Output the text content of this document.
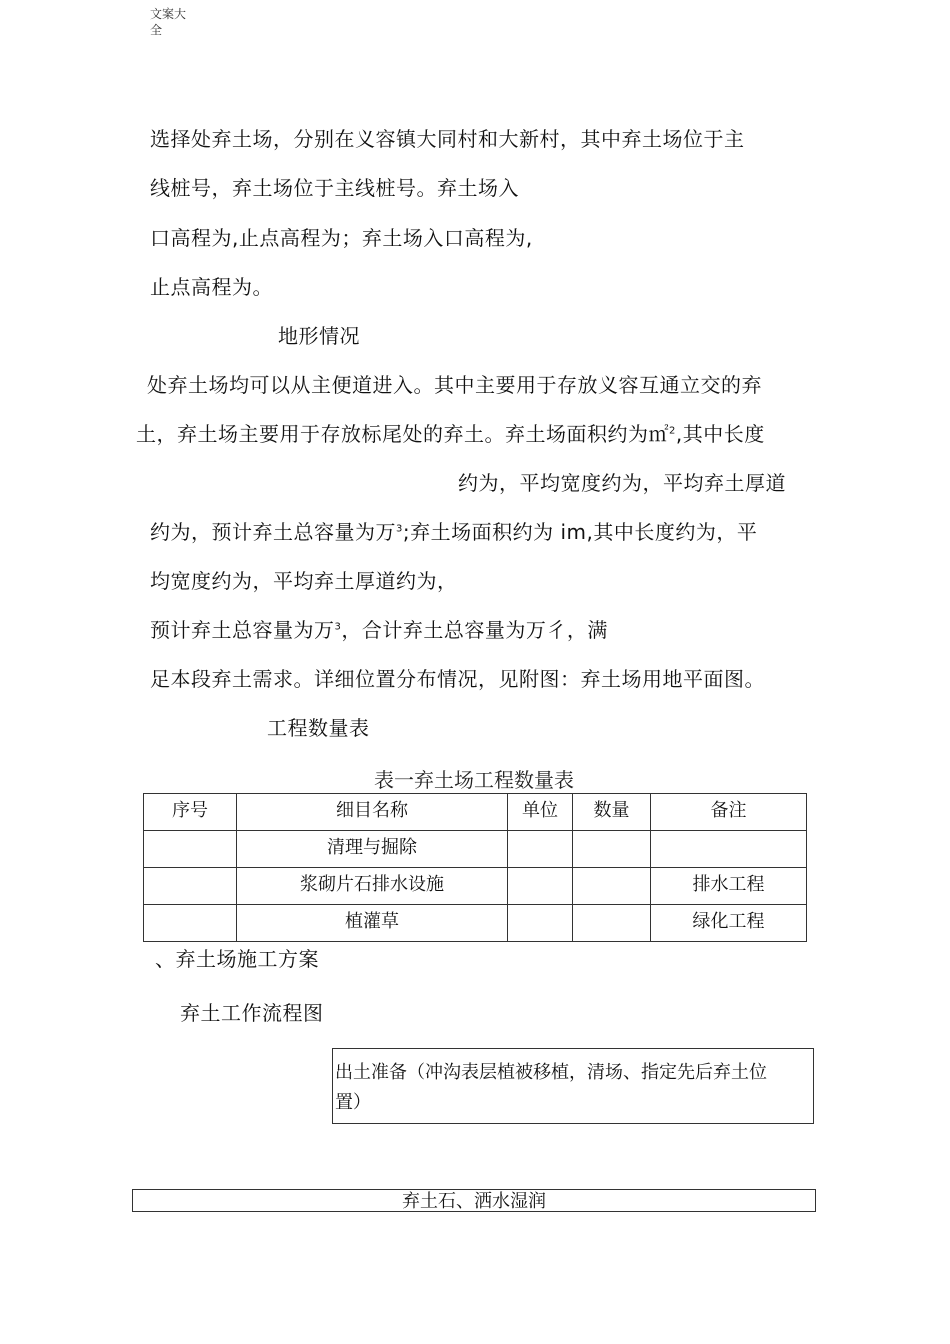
文案大
全
选择处弃土场，分别在义容镇大同村和大新村，其中弃土场位于主
线桩号，弃土场位于主线桩号。弃土场入
口高程为,止点高程为；弃土场入口高程为,
止点高程为。
地形情况
处弃土场均可以从主便道进入。其中主要用于存放义容互通立交的弃
土，弃土场主要用于存放标尾处的弃土。弃土场面积约为㎡$^2$,其中长度
约为，平均宽度约为，平均弃土厚道
约为，预计弃土总容量为万$^3$;弃土场面积约为 im,其中长度约为，平
均宽度约为，平均弃土厚道约为，
预计弃土总容量为万$^3$，合计弃土总容量为万彳，满
足本段弃土需求。详细位置分布情况，见附图：弃土场用地平面图。
工程数量表
表一弃土场工程数量表
序号	细目名称	单位	数量	备注
	清理与掘除			
	浆砌片石排水设施			排水工程
	植灌草			绿化工程
、弃土场施工方案
弃土工作流程图
出土准备（冲沟表层植被移植，清场、指定先后弃土位
置）
弃土石、洒水湿润
